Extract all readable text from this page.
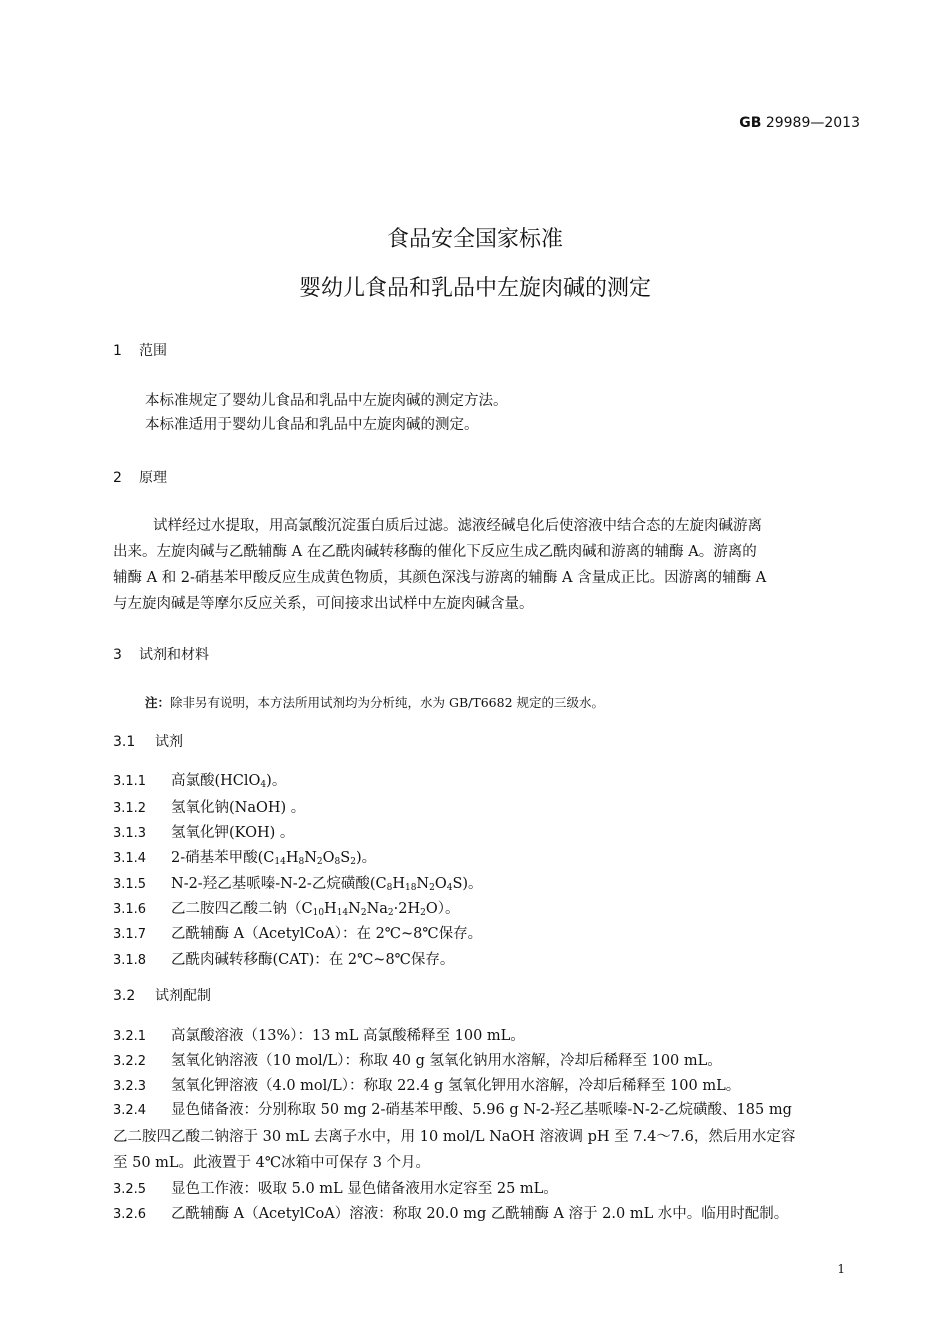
GB 29989—2013
食品安全国家标准
婴幼儿食品和乳品中左旋肉碱的测定
1 范围
本标准规定了婴幼儿食品和乳品中左旋肉碱的测定方法。
本标准适用于婴幼儿食品和乳品中左旋肉碱的测定。
2 原理
试样经过水提取，用高氯酸沉淀蛋白质后过滤。滤液经碱皂化后使溶液中结合态的左旋肉碱游离
出来。左旋肉碱与乙酰辅酶 A 在乙酰肉碱转移酶的催化下反应生成乙酰肉碱和游离的辅酶 A。游离的
辅酶 A 和 2-硝基苯甲酸反应生成黄色物质，其颜色深浅与游离的辅酶 A 含量成正比。因游离的辅酶 A
与左旋肉碱是等摩尔反应关系，可间接求出试样中左旋肉碱含量。
3 试剂和材料
注：除非另有说明，本方法所用试剂均为分析纯，水为 GB/T6682 规定的三级水。
3.1 试剂
3.1.1 高氯酸(HClO$_4$)。
3.1.2 氢氧化钠(NaOH) 。
3.1.3 氢氧化钾(KOH) 。
3.1.4 2-硝基苯甲酸$(C_{14}H_8N_2O_8S_2)$。
3.1.5 N-2-羟乙基哌嗪-N-2-乙烷磺酸$(C_8H_{18}N_2O_4S)$。
3.1.6 乙二胺四乙酸二钠$(C_{10}H_{14}N_2Na_2\cdot 2H_2O)$。
3.1.7 乙酰辅酶 A（AcetylCoA）：在 2℃~8℃保存。
3.1.8 乙酰肉碱转移酶(CAT)：在 2℃~8℃保存。
3.2 试剂配制
3.2.1 高氯酸溶液（13%）：13 mL 高氯酸稀释至 100 mL。
3.2.2 氢氧化钠溶液（10 mol/L）：称取 40 g 氢氧化钠用水溶解，冷却后稀释至 100 mL。
3.2.3 氢氧化钾溶液（4.0 mol/L）：称取 22.4 g 氢氧化钾用水溶解，冷却后稀释至 100 mL。
3.2.4 显色储备液：分别称取 50 mg 2-硝基苯甲酸、5.96 g N-2-羟乙基哌嗪-N-2-乙烷磺酸、185 mg
乙二胺四乙酸二钠溶于 30 mL 去离子水中，用 10 mol/L NaOH 溶液调 pH 至 7.4～7.6，然后用水定容
至 50 mL。此液置于 4℃冰箱中可保存 3 个月。
3.2.5 显色工作液：吸取 5.0 mL 显色储备液用水定容至 25 mL。
3.2.6 乙酰辅酶 A（AcetylCoA）溶液：称取 20.0 mg 乙酰辅酶 A 溶于 2.0 mL 水中。临用时配制。
1
